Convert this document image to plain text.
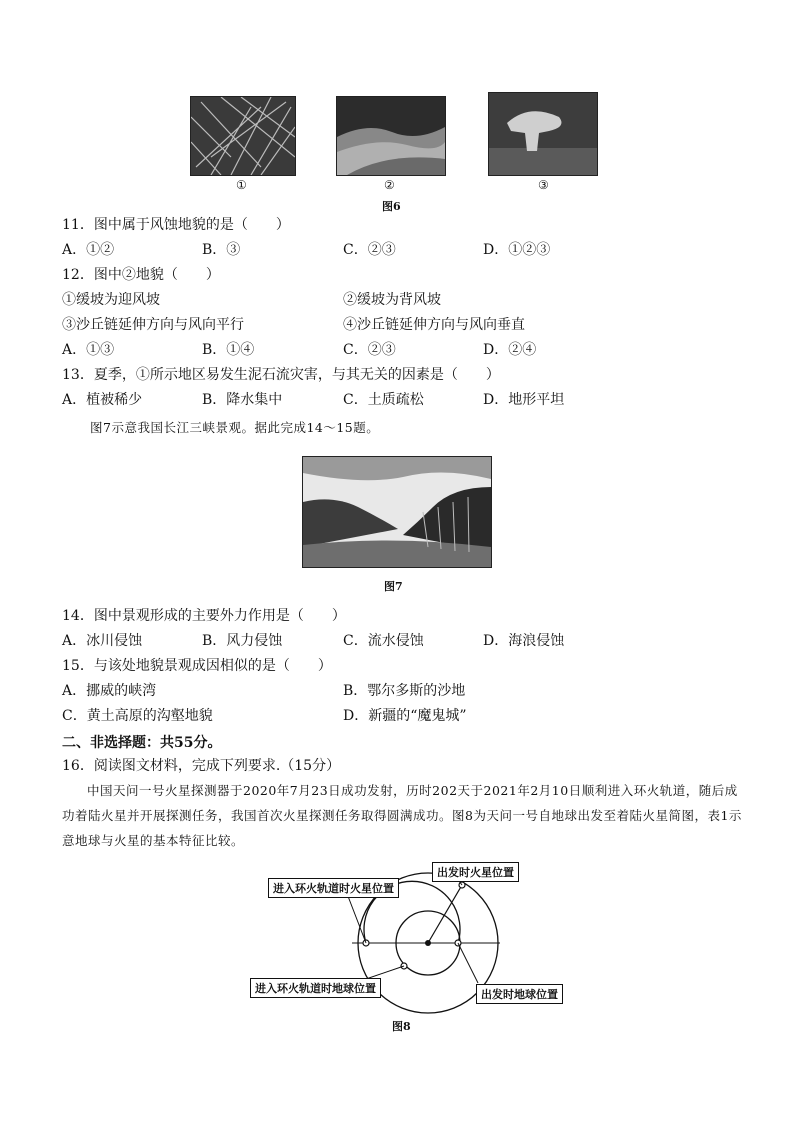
①	②	③
图6
11．图中属于风蚀地貌的是（　　）
A．①②	B．③	C．②③	D．①②③
12．图中②地貌（　　）
①缓坡为迎风坡	②缓坡为背风坡
③沙丘链延伸方向与风向平行	④沙丘链延伸方向与风向垂直
A．①③	B．①④	C．②③	D．②④
13．夏季，①所示地区易发生泥石流灾害，与其无关的因素是（　　）
A．植被稀少	B．降水集中	C．土质疏松	D．地形平坦
图7示意我国长江三峡景观。据此完成14～15题。
图7
14．图中景观形成的主要外力作用是（　　）
A．冰川侵蚀	B．风力侵蚀	C．流水侵蚀	D．海浪侵蚀
15．与该处地貌景观成因相似的是（　　）
A．挪威的峡湾	B．鄂尔多斯的沙地
C．黄土高原的沟壑地貌	D．新疆的“魔鬼城”
二、非选择题：共55分。
16．阅读图文材料，完成下列要求.（15分）
中国天问一号火星探测器于2020年7月23日成功发射，历时202天于2021年2月10日顺利进入环火轨道，随后成功着陆火星并开展探测任务，我国首次火星探测任务取得圆满成功。图8为天问一号自地球出发至着陆火星简图，表1示意地球与火星的基本特征比较。
出发时火星位置
进入环火轨道时火星位置
进入环火轨道时地球位置	出发时地球位置
图8
